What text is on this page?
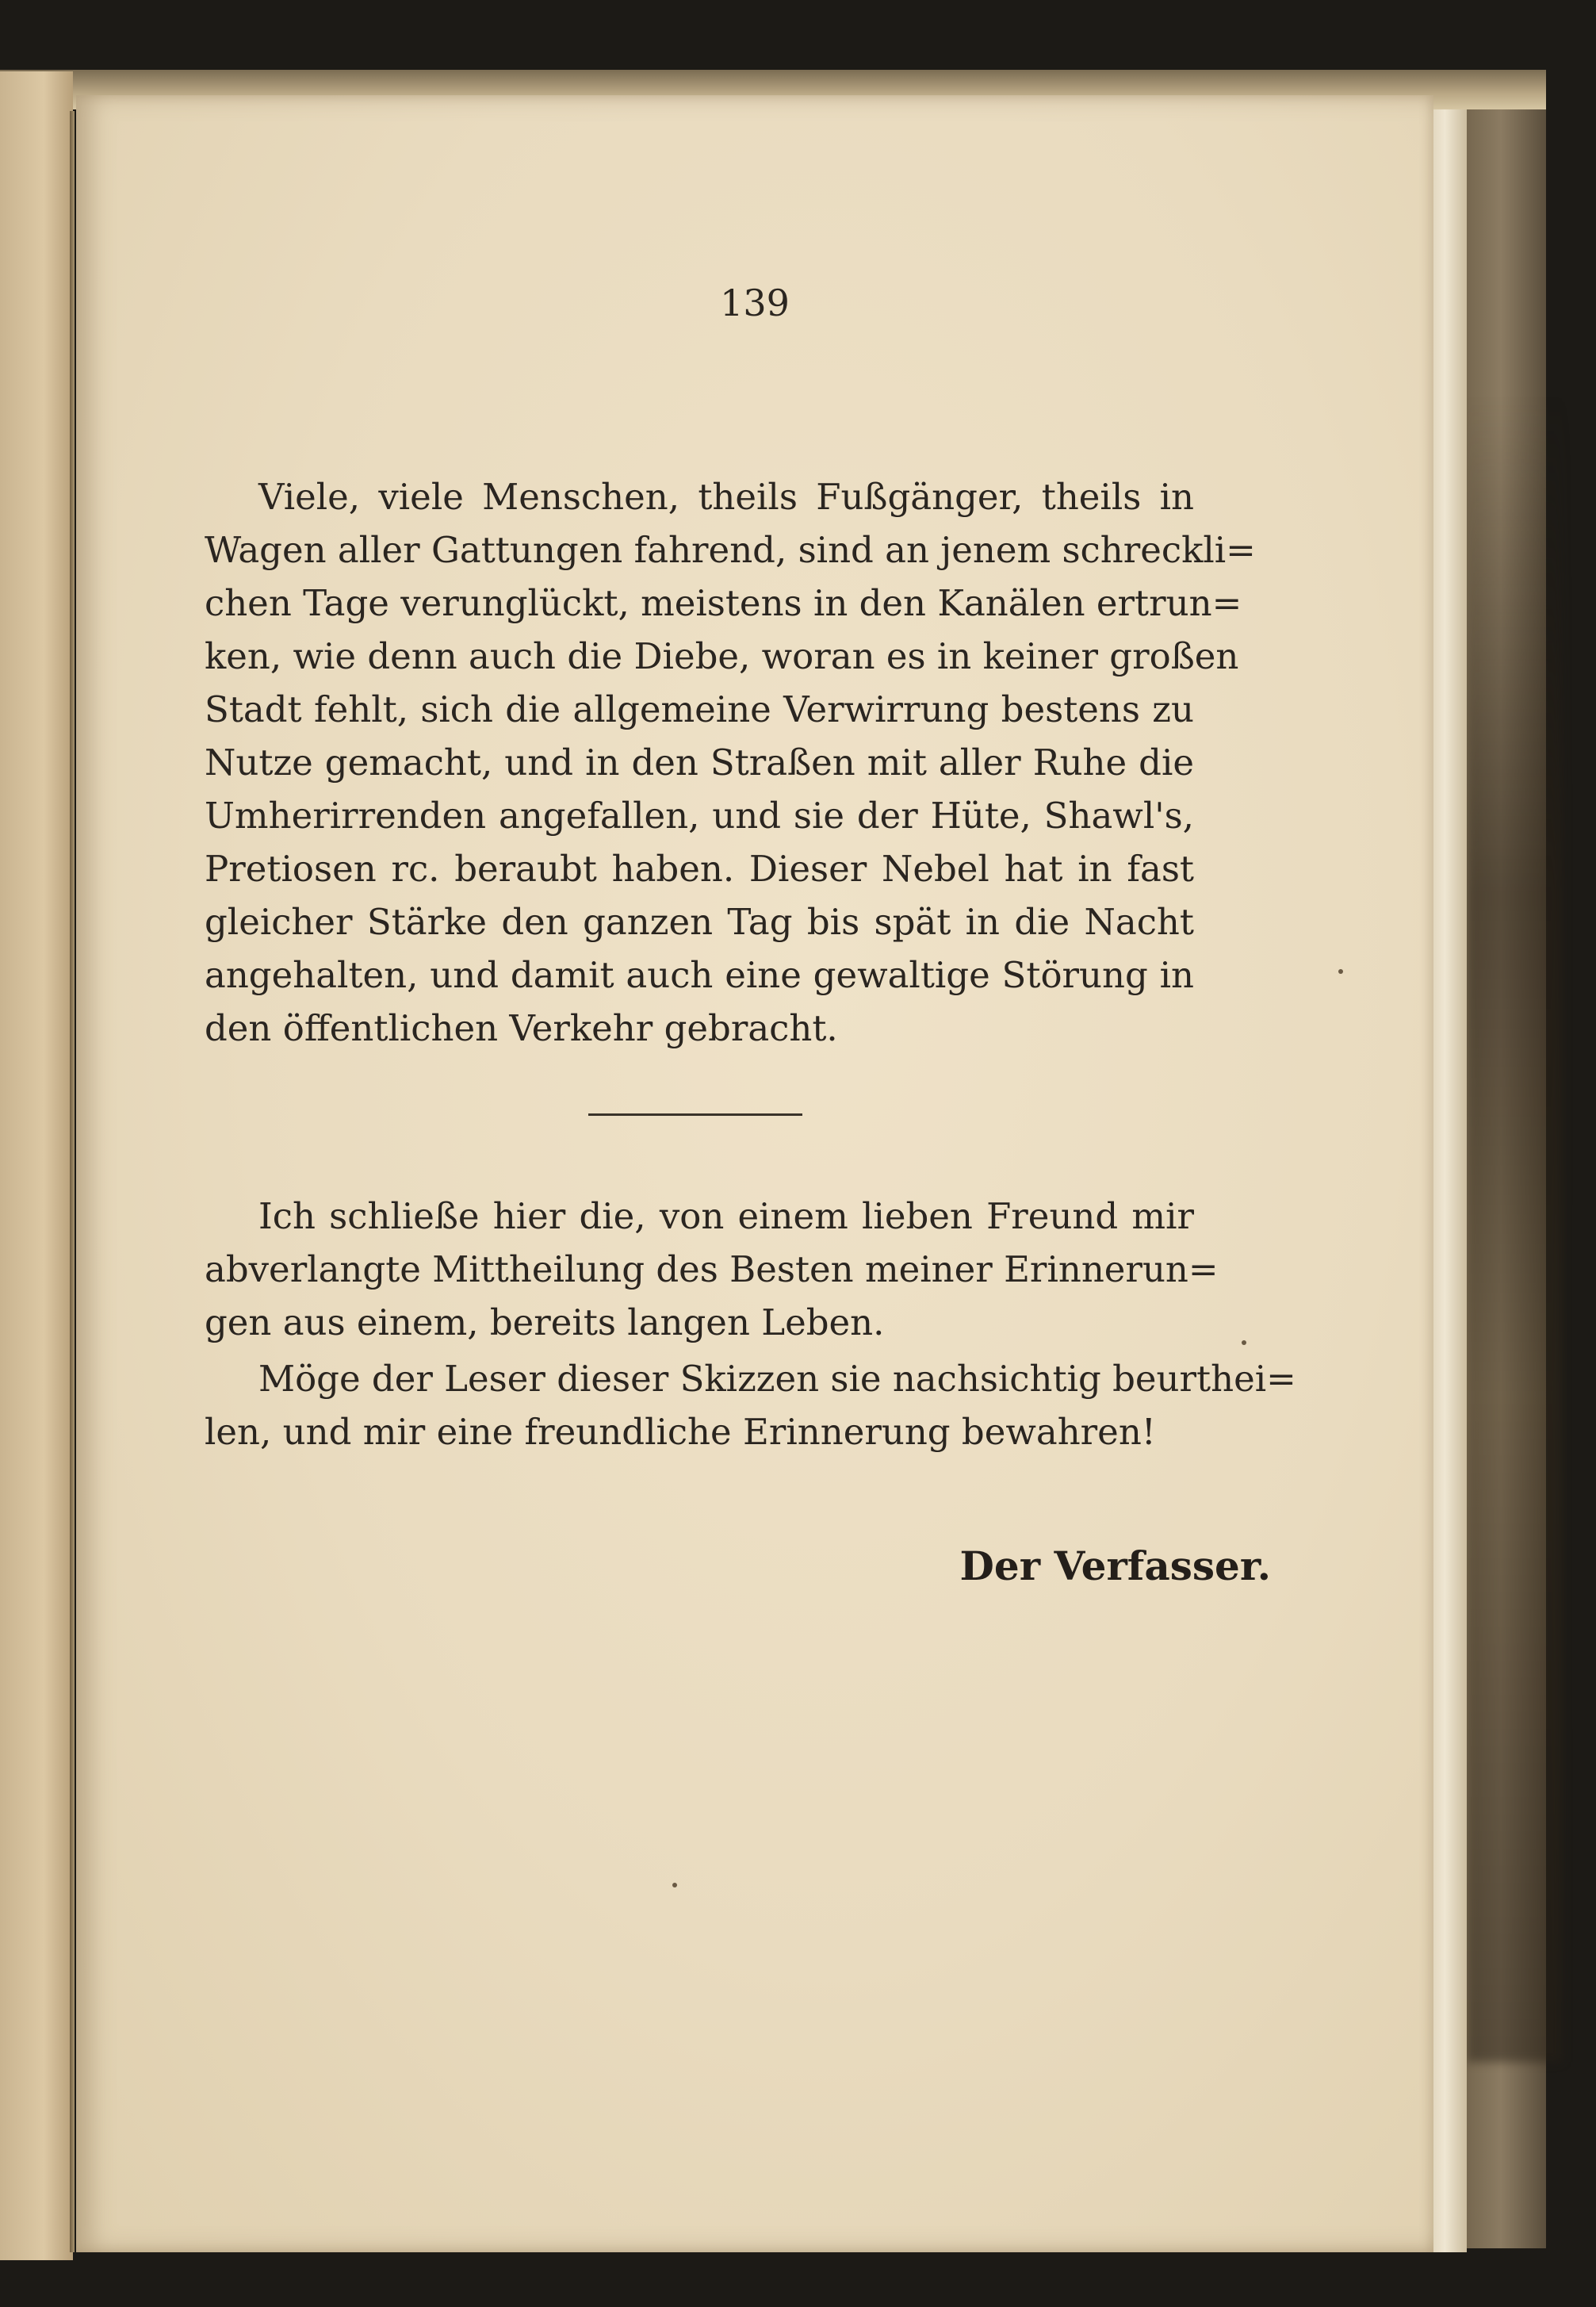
139

Viele, viele Menschen, theils Fußgänger, theils in
Wagen aller Gattungen fahrend, sind an jenem schreckli=
chen Tage verunglückt, meistens in den Kanälen ertrun=
ken, wie denn auch die Diebe, woran es in keiner großen
Stadt fehlt, sich die allgemeine Verwirrung bestens zu
Nutze gemacht, und in den Straßen mit aller Ruhe die
Umherirrenden angefallen, und sie der Hüte, Shawl's,
Pretiosen rc. beraubt haben. Dieser Nebel hat in fast
gleicher Stärke den ganzen Tag bis spät in die Nacht
angehalten, und damit auch eine gewaltige Störung in
den öffentlichen Verkehr gebracht.
Ich schließe hier die, von einem lieben Freund mir
abverlangte Mittheilung des Besten meiner Erinnerun=
gen aus einem, bereits langen Leben.
Möge der Leser dieser Skizzen sie nachsichtig beurthei=
len, und mir eine freundliche Erinnerung bewahren!
Der Verfasser.
